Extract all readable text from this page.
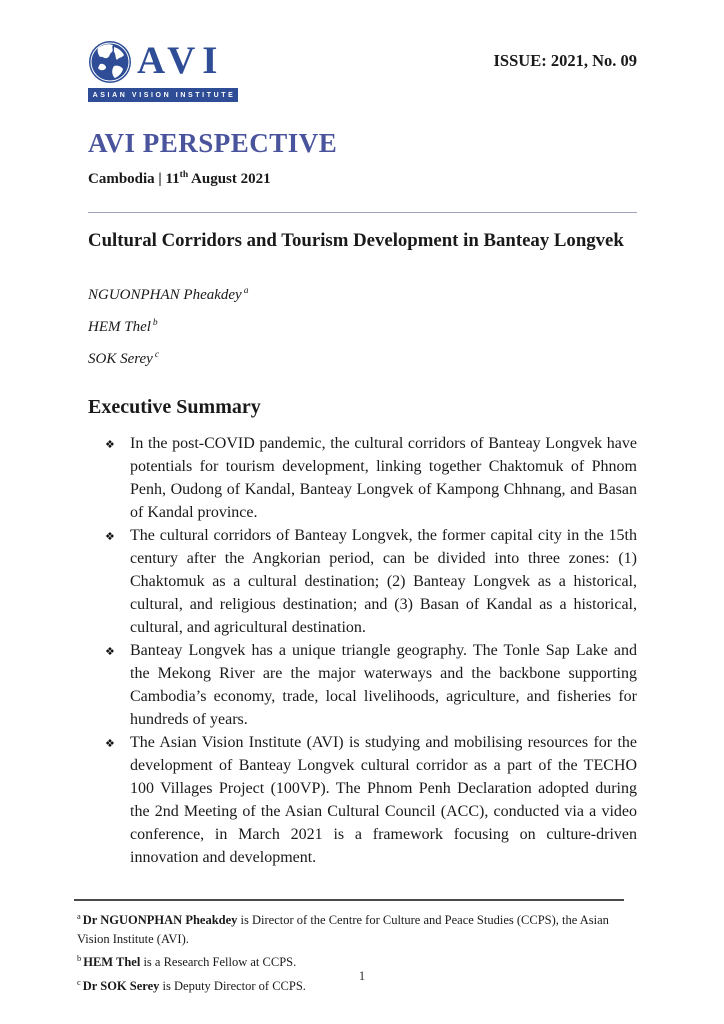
AVI
ASIAN VISION INSTITUTE
ISSUE: 2021, No. 09
AVI PERSPECTIVE
Cambodia | 11th August 2021
Cultural Corridors and Tourism Development in Banteay Longvek

NGUONPHAN Pheakdey $^a$

HEM Thel $^b$

SOK Serey $^c$

Executive Summary
❖ In the post-COVID pandemic, the cultural corridors of Banteay Longvek have potentials for tourism development, linking together Chaktomuk of Phnom Penh, Oudong of Kandal, Banteay Longvek of Kampong Chhnang, and Basan of Kandal province.
❖ The cultural corridors of Banteay Longvek, the former capital city in the 15th century after the Angkorian period, can be divided into three zones: (1) Chaktomuk as a cultural destination; (2) Banteay Longvek as a historical, cultural, and religious destination; and (3) Basan of Kandal as a historical, cultural, and agricultural destination.
❖ Banteay Longvek has a unique triangle geography. The Tonle Sap Lake and the Mekong River are the major waterways and the backbone supporting Cambodia’s economy, trade, local livelihoods, agriculture, and fisheries for hundreds of years.
❖ The Asian Vision Institute (AVI) is studying and mobilising resources for the development of Banteay Longvek cultural corridor as a part of the TECHO 100 Villages Project (100VP). The Phnom Penh Declaration adopted during the 2nd Meeting of the Asian Cultural Council (ACC), conducted via a video conference, in March 2021 is a framework focusing on culture-driven innovation and development.

$^a$ Dr NGUONPHAN Pheakdey is Director of the Centre for Culture and Peace Studies (CCPS), the Asian Vision Institute (AVI).

$^b$ HEM Thel is a Research Fellow at CCPS.

$^c$ Dr SOK Serey is Deputy Director of CCPS.

1
